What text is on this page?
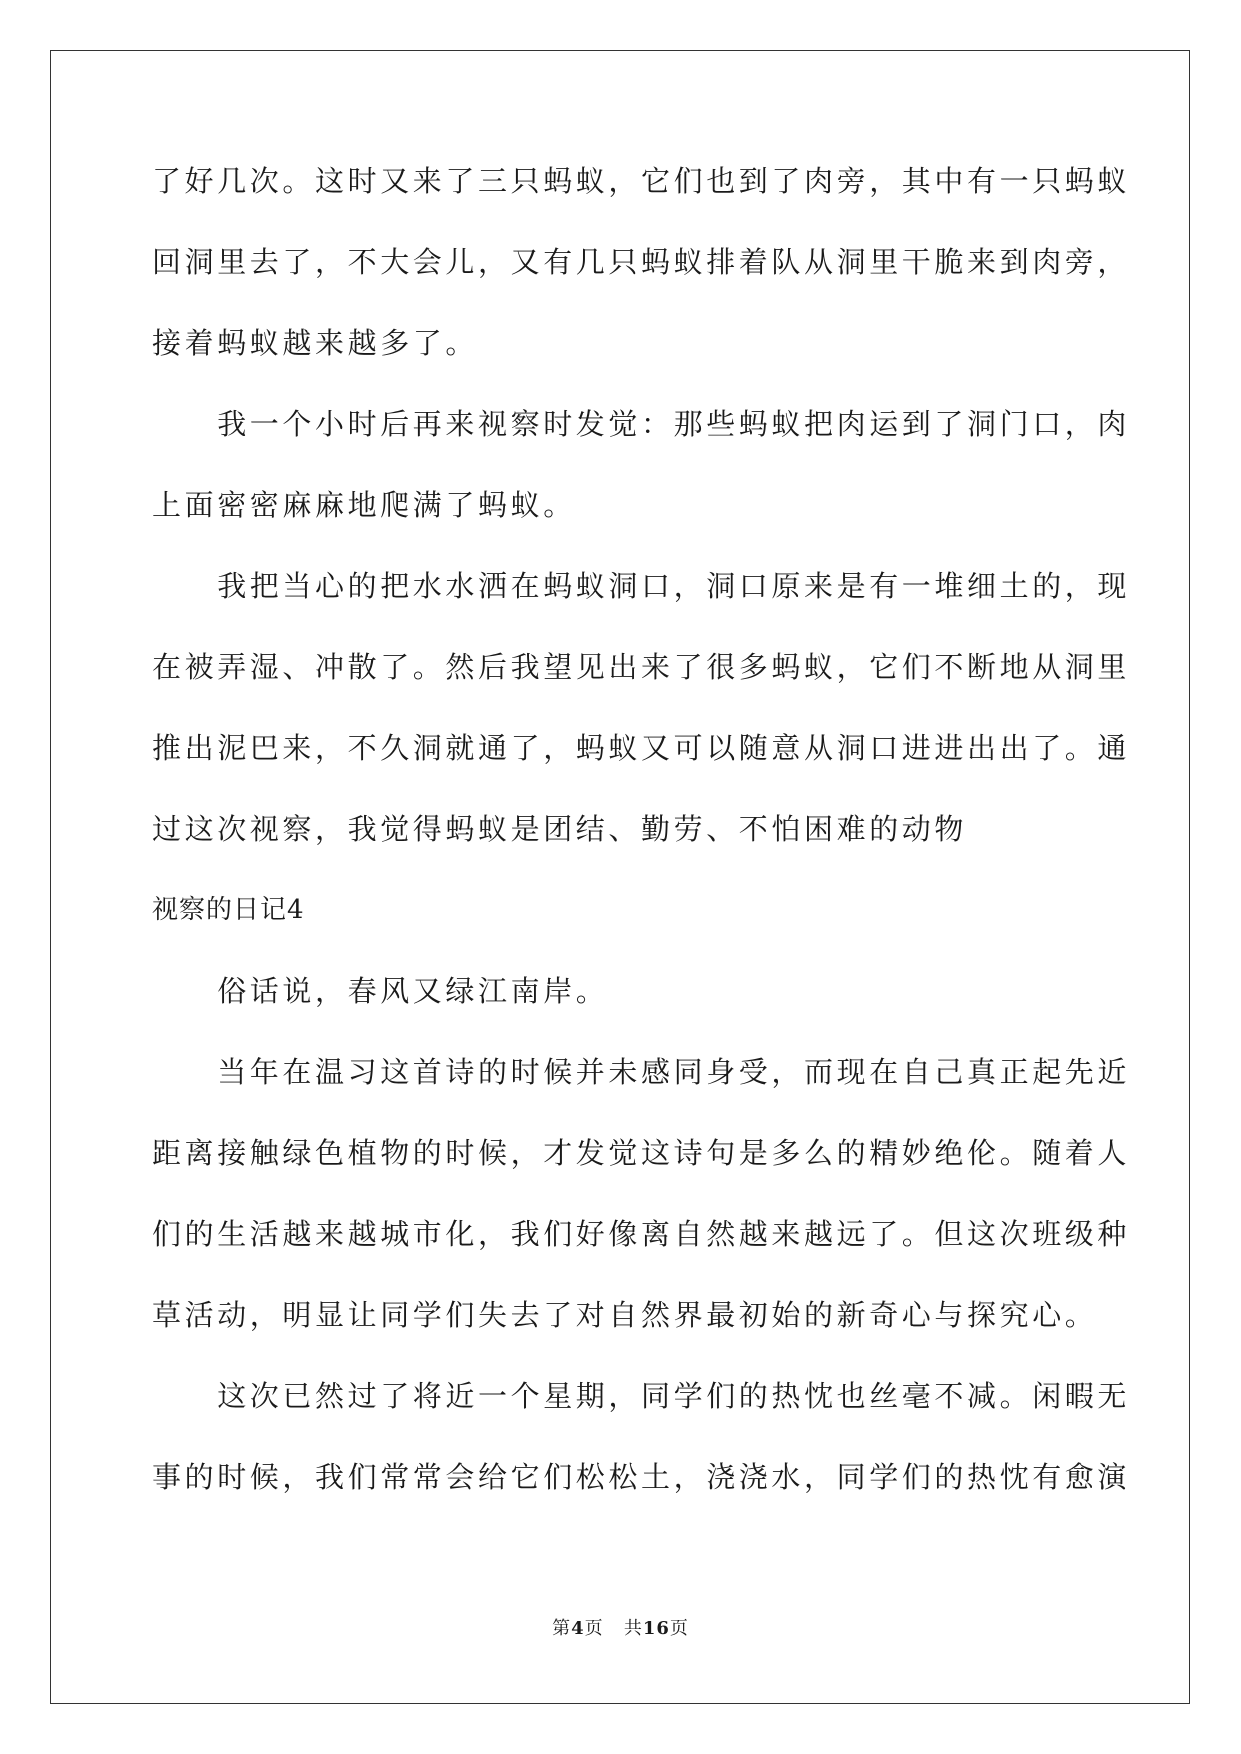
了好几次。这时又来了三只蚂蚁，它们也到了肉旁，其中有一只蚂蚁
回洞里去了，不大会儿，又有几只蚂蚁排着队从洞里干脆来到肉旁，
接着蚂蚁越来越多了。
　　我一个小时后再来视察时发觉：那些蚂蚁把肉运到了洞门口，肉
上面密密麻麻地爬满了蚂蚁。
　　我把当心的把水水洒在蚂蚁洞口，洞口原来是有一堆细土的，现
在被弄湿、冲散了。然后我望见出来了很多蚂蚁，它们不断地从洞里
推出泥巴来，不久洞就通了，蚂蚁又可以随意从洞口进进出出了。通
过这次视察，我觉得蚂蚁是团结、勤劳、不怕困难的动物
视察的日记4
　　俗话说，春风又绿江南岸。
　　当年在温习这首诗的时候并未感同身受，而现在自己真正起先近
距离接触绿色植物的时候，才发觉这诗句是多么的精妙绝伦。随着人
们的生活越来越城市化，我们好像离自然越来越远了。但这次班级种
草活动，明显让同学们失去了对自然界最初始的新奇心与探究心。
　　这次已然过了将近一个星期，同学们的热忱也丝毫不减。闲暇无
事的时候，我们常常会给它们松松土，浇浇水，同学们的热忱有愈演
第4页 共16页
